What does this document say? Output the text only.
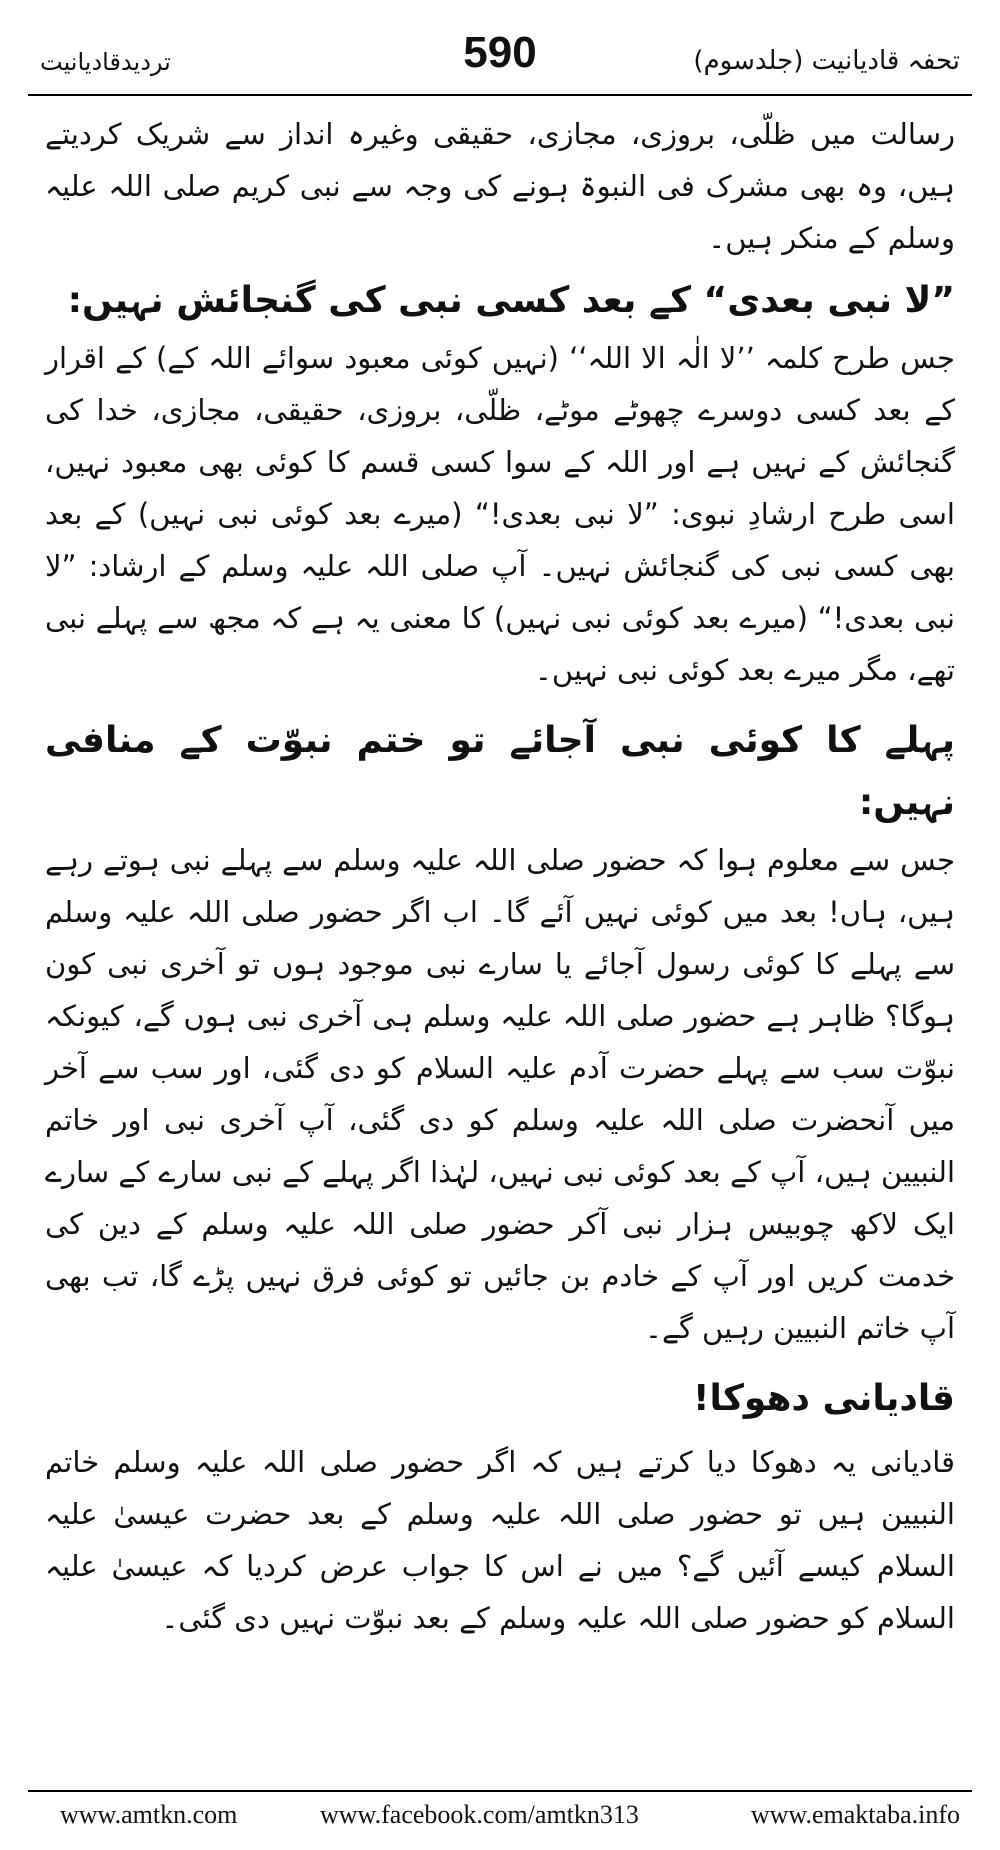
تردیدقادیانیت	590	تحفہ قادیانیت (جلدسوم)

رسالت میں ظلّی، بروزی، مجازی، حقیقی وغیرہ انداز سے شریک کردیتے ہیں، وہ بھی مشرک فی النبوۃ ہونے کی وجہ سے نبی کریم صلی اللہ علیہ وسلم کے منکر ہیں۔

”لا نبی بعدی“ کے بعد کسی نبی کی گنجائش نہیں:

جس طرح کلمہ ’’لا الٰہ الا اللہ‘‘ (نہیں کوئی معبود سوائے اللہ کے) کے اقرار کے بعد کسی دوسرے چھوٹے موٹے، ظلّی، بروزی، حقیقی، مجازی، خدا کی گنجائش کے نہیں ہے اور اللہ کے سوا کسی قسم کا کوئی بھی معبود نہیں، اسی طرح ارشادِ نبوی: ”لا نبی بعدی!“ (میرے بعد کوئی نبی نہیں) کے بعد بھی کسی نبی کی گنجائش نہیں۔ آپ صلی اللہ علیہ وسلم کے ارشاد: ”لا نبی بعدی!“ (میرے بعد کوئی نبی نہیں) کا معنی یہ ہے کہ مجھ سے پہلے نبی تھے، مگر میرے بعد کوئی نبی نہیں۔

پہلے کا کوئی نبی آجائے تو ختم نبوّت کے منافی نہیں:

جس سے معلوم ہوا کہ حضور صلی اللہ علیہ وسلم سے پہلے نبی ہوتے رہے ہیں، ہاں! بعد میں کوئی نہیں آئے گا۔ اب اگر حضور صلی اللہ علیہ وسلم سے پہلے کا کوئی رسول آجائے یا سارے نبی موجود ہوں تو آخری نبی کون ہوگا؟ ظاہر ہے حضور صلی اللہ علیہ وسلم ہی آخری نبی ہوں گے، کیونکہ نبوّت سب سے پہلے حضرت آدم علیہ السلام کو دی گئی، اور سب سے آخر میں آنحضرت صلی اللہ علیہ وسلم کو دی گئی، آپ آخری نبی اور خاتم النبیین ہیں، آپ کے بعد کوئی نبی نہیں، لہٰذا اگر پہلے کے نبی سارے کے سارے ایک لاکھ چوبیس ہزار نبی آکر حضور صلی اللہ علیہ وسلم کے دین کی خدمت کریں اور آپ کے خادم بن جائیں تو کوئی فرق نہیں پڑے گا، تب بھی آپ خاتم النبیین رہیں گے۔

قادیانی دھوکا!

قادیانی یہ دھوکا دیا کرتے ہیں کہ اگر حضور صلی اللہ علیہ وسلم خاتم النبیین ہیں تو حضور صلی اللہ علیہ وسلم کے بعد حضرت عیسیٰ علیہ السلام کیسے آئیں گے؟ میں نے اس کا جواب عرض کردیا کہ عیسیٰ علیہ السلام کو حضور صلی اللہ علیہ وسلم کے بعد نبوّت نہیں دی گئی۔

www.amtkn.com	www.facebook.com/amtkn313	www.emaktaba.info
